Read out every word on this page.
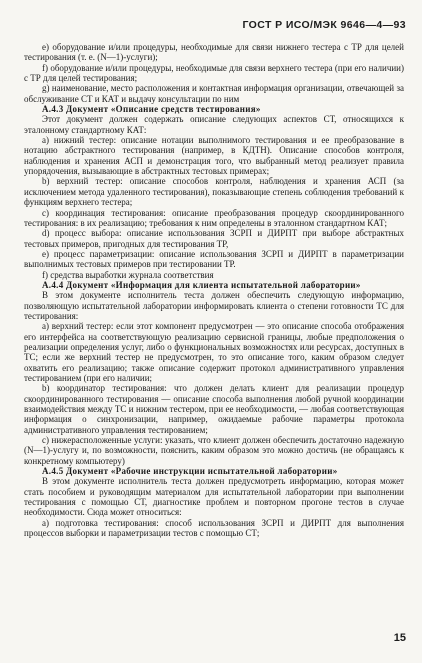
ГОСТ Р ИСО/МЭК 9646—4—93

е) оборудование и/или процедуры, необходимые для связи нижнего тестера с ТР для целей тестирования (т. е. (N—1)-услуги);

f) оборудование и/или процедуры, необходимые для связи верхнего тестера (при его наличии) с ТР для целей тестирования;

g) наименование, место расположения и контактная информация организации, отвечающей за обслуживание СТ и КАТ и выдачу консультации по ним

А.4.3 Документ «Описание средств тестирования»

Этот документ должен содержать описание следующих аспектов СТ, относящихся к эталонному стандартному КАТ:

а) нижний тестер: описание нотации выполнимого тестирования и ее преобразование в нотацию абстрактного тестирования (например, в КДТН). Описание способов контроля, наблюдения и хранения АСП и демонстрация того, что выбранный метод реализует правила упорядочения, вызывающие в абстрактных тестовых примерах;

b) верхний тестер: описание способов контроля, наблюдения и хранения АСП (за исключением метода удаленного тестирования), показывающие степень соблюдения требований к функциям верхнего тестера;

с) координация тестирования: описание преобразования процедур скоординированного тестирования: в их реализацию; требования к ним определены в эталонном стандартном КАТ;

d) процесс выбора: описание использования ЗСРП и ДИРПТ при выборе абстрактных тестовых примеров, пригодных для тестирования ТР,

е) процесс параметризации: описание использования ЗСРП и ДИРПТ в параметризации выполнимых тестовых примеров при тестировании ТР.

f) средства выработки журнала соответствия

А.4.4 Документ «Информация для клиента испытательной лаборатории»

В этом документе исполнитель теста должен обеспечить следующую информацию, позволяющую испытательной лаборатории информировать клиента о степени готовности ТС для тестирования:

а) верхний тестер: если этот компонент предусмотрен — это описание способа отображения его интерфейса на соответствующую реализацию сервисной границы, любые предположения о реализации определения услуг, либо о функциональных возможностях или ресурсах, доступных в ТС; если же верхний тестер не предусмотрен, то это описание того, каким образом следует охватить его реализацию; также описание содержит протокол административного управления тестированием (при его наличии;

b) координатор тестирования: что должен делать клиент для реализации процедур скоординированного тестирования — описание способа выполнения любой ручной координации взаимодействия между ТС и нижним тестером, при ее необходимости, — любая соответствующая информация о синхронизации, например, ожидаемые рабочие параметры протокола административного управления тестированием;

с) нижерасположенные услуги: указать, что клиент должен обеспечить достаточно надежную (N—1)-услугу и, по возможности, пояснить, каким образом это можно достичь (не обращаясь к конкретному компьютеру)

А.4.5 Документ «Рабочие инструкции испытательной лаборатории»

В этом документе исполнитель теста должен предусмотреть информацию, которая может стать пособием и руководящим материалом для испытательной лаборатории при выполнении тестирования с помощью СТ, диагностике проблем и повторном прогоне тестов в случае необходимости. Сюда может относиться:

а) подготовка тестирования: способ использования ЗСРП и ДИРПТ для выполнения процессов выборки и параметризации тестов с помощью СТ;

15
